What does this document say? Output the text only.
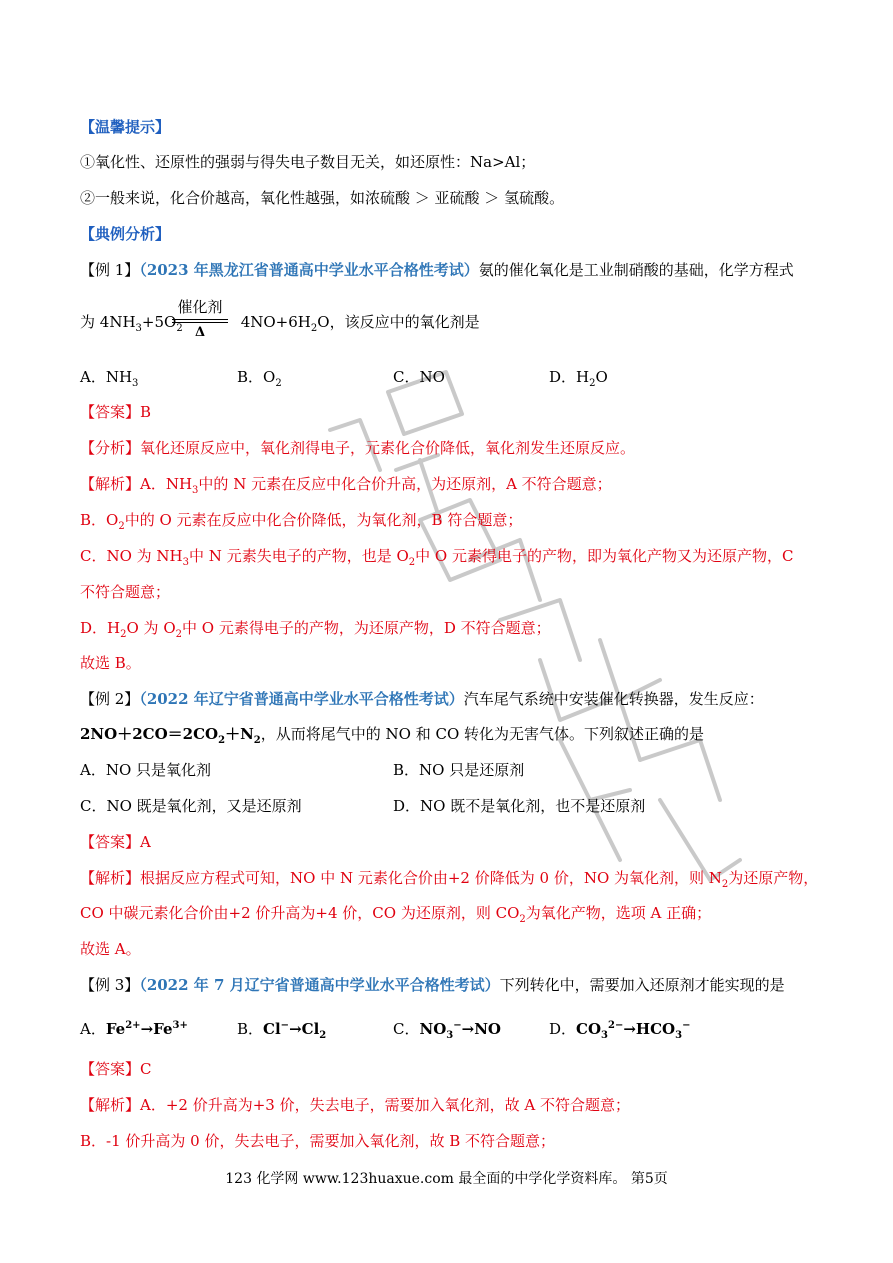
【温馨提示】
①氧化性、还原性的强弱与得失电子数目无关，如还原性：Na>Al；
②一般来说，化合价越高，氧化性越强，如浓硫酸 ＞ 亚硫酸 ＞ 氢硫酸。
【典例分析】
【例 1】（2023 年黑龙江省普通高中学业水平合格性考试）氨的催化氧化是工业制硝酸的基础，化学方程式
催化剂
Δ
为 $4NH_3+5O_2$	$4NO+6H_2O$，该反应中的氧化剂是
A．$NH_3$	B．$O_2$	C．NO	D．$H_2O$
【答案】B
【分析】氧化还原反应中，氧化剂得电子，元素化合价降低，氧化剂发生还原反应。
【解析】A．$NH_3$中的 N 元素在反应中化合价升高，为还原剂，A 不符合题意；
B．$O_2$中的 O 元素在反应中化合价降低，为氧化剂，B 符合题意；
C．NO 为 $NH_3$中 N 元素失电子的产物，也是 $O_2$中 O 元素得电子的产物，即为氧化产物又为还原产物，C
不符合题意；
D．$H_2O$ 为 $O_2$中 O 元素得电子的产物，为还原产物，D 不符合题意；
故选 B。
【例 2】（2022 年辽宁省普通高中学业水平合格性考试）汽车尾气系统中安装催化转换器，发生反应：
$2NO+2CO=2CO_2+N_2$，从而将尾气中的 NO 和 CO 转化为无害气体。下列叙述正确的是
A．NO 只是氧化剂	B．NO 只是还原剂
C．NO 既是氧化剂，又是还原剂	D．NO 既不是氧化剂，也不是还原剂
【答案】A
【解析】根据反应方程式可知，NO 中 N 元素化合价由+2 价降低为 0 价，NO 为氧化剂，则 $N_2$为还原产物，
CO 中碳元素化合价由+2 价升高为+4 价，CO 为还原剂，则 $CO_2$为氧化产物，选项 A 正确；
故选 A。
【例 3】（2022 年 7 月辽宁省普通高中学业水平合格性考试）下列转化中，需要加入还原剂才能实现的是
A．$Fe^{2+}\to Fe^{3+}$	B．$Cl^-\to Cl_2$	C．$NO_3^-\to NO$	D．$CO_3^{2-}\to HCO_3^-$
【答案】C
【解析】A．+2 价升高为+3 价，失去电子，需要加入氧化剂，故 A 不符合题意；
B．-1 价升高为 0 价，失去电子，需要加入氧化剂，故 B 不符合题意；
123 化学网 www.123huaxue.com 最全面的中学化学资料库。 第5页
